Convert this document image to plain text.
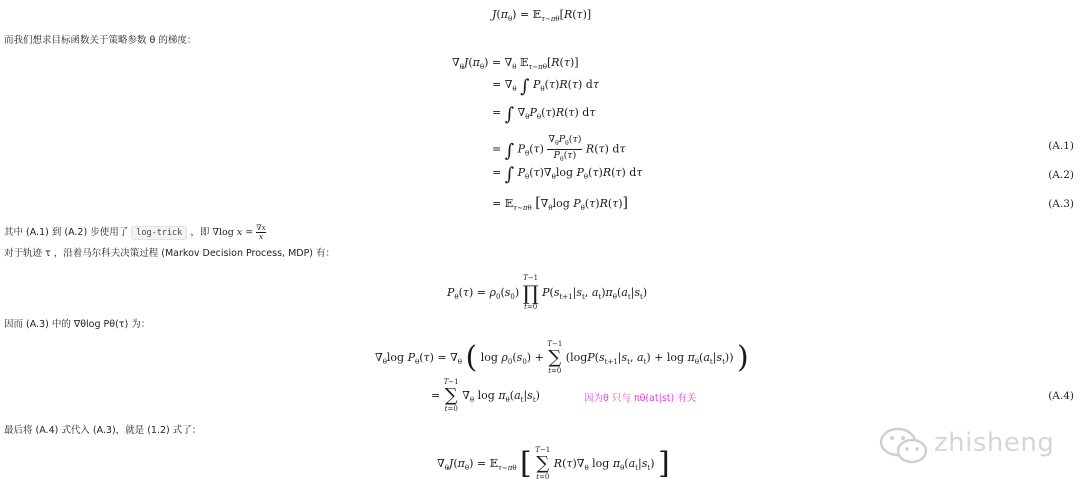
$J(\pi_\theta)$ = 𝔼$_{\tau\sim\pi\theta}$[R(τ)]
而我们想求目标函数关于策略参数 θ 的梯度：
$\nabla_\theta J(\pi_\theta) = \nabla_\theta$ 𝔼$_{\tau\sim\pi\theta}$[R(τ)]
= $\nabla_\theta$ ∫ $P_\theta(\tau)R(\tau)$ dτ
= ∫ $\nabla_\theta P_\theta(\tau)R(\tau)$ dτ
= ∫ $P_\theta(\tau)$
$\nabla_\theta P_\theta(\tau)$
$P_\theta(\tau)$ R(τ) dτ	(A.1)
= ∫ $P_\theta(\tau)\nabla_\theta\log$ $P_\theta(\tau)R(\tau)$ dτ	(A.2)
= 𝔼$_{\tau\sim\pi\theta}$ [$\nabla_\theta\log$ $P_\theta(\tau)R(\tau)$]	(A.3)
其中 (A.1) 到 (A.2) 步使用了 log-trick ，即 ∇log $x = \frac{\nabla x}{x}$
对于轨迹 τ ，沿着马尔科夫决策过程 (Markov Decision Process, MDP) 有：
$P_\theta(\tau) = \rho_0(s_0)$
T−1
∏
t=0
$P(s_{t+1}|s_t$, $a_t)\pi_\theta(a_t|s_t)$
因而 (A.3) 中的 ∇θlog Pθ(τ) 为：
$\nabla_\theta\log$ $P_\theta(\tau) = \nabla_\theta$ ( $\log \rho_0(s_0)$ +
T−1
∑
t=0
($\log P(s_{t+1}|s_t$, $a_t) + \log \pi_\theta(a_t|s_t)$) )
=
T−1
∑
t=0
$\nabla_\theta$ $\log \pi_\theta(a_t|s_t)$	因为θ 只与 πθ(at|st) 有关	(A.4)
最后将 (A.4) 式代入 (A.3)，就是 (1.2) 式了：
$\nabla_\theta J(\pi_\theta)$ = 𝔼$_{\tau\sim\pi\theta}$ [ T−1
∑
t=0
$R(\tau)\nabla_\theta$ $\log \pi_\theta(a_t|s_t)$ ]
zhisheng
